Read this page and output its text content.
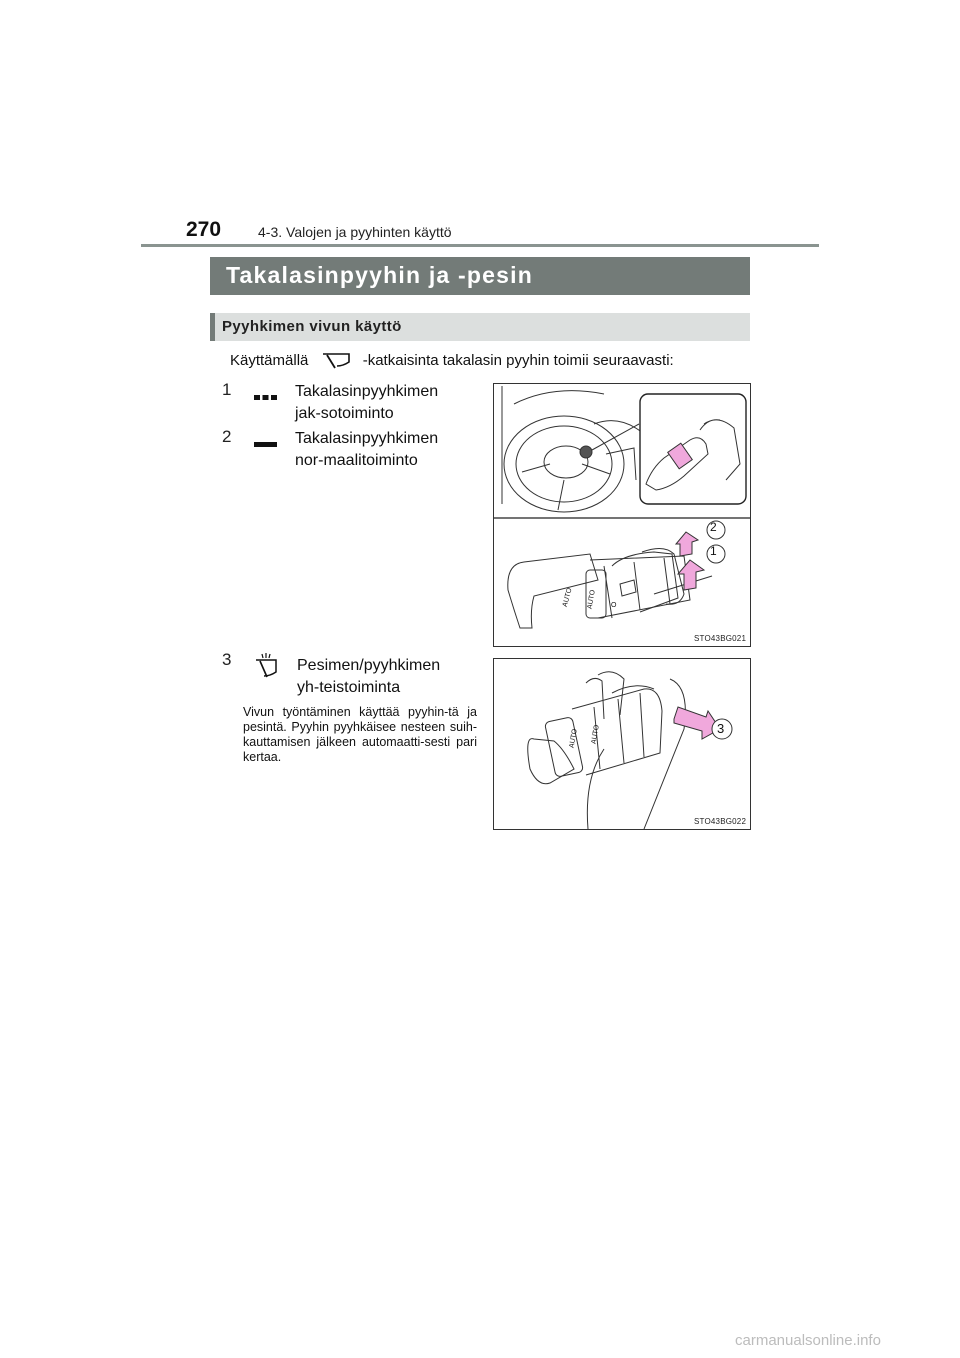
270	4-3. Valojen ja pyyhinten käyttö
Takalasinpyyhin ja -pesin
Pyyhkimen vivun käyttö
Käyttämällä	-katkaisinta takalasin pyyhin toimii seuraavasti:
1	Takalasinpyyhkimen jak-sotoiminto
2	Takalasinpyyhkimen nor-maalitoiminto
3	Pesimen/pyyhkimen yh-teistoiminta
Vivun työntäminen käyttää pyyhin-tä ja pesintä. Pyyhin pyyhkäisee nesteen suih-kauttamisen jälkeen automaatti-sesti pari kertaa.
2
1
AUTO AUTO O
STO43BG021
3
AUTO AUTO
STO43BG022
carmanualsonline.info
